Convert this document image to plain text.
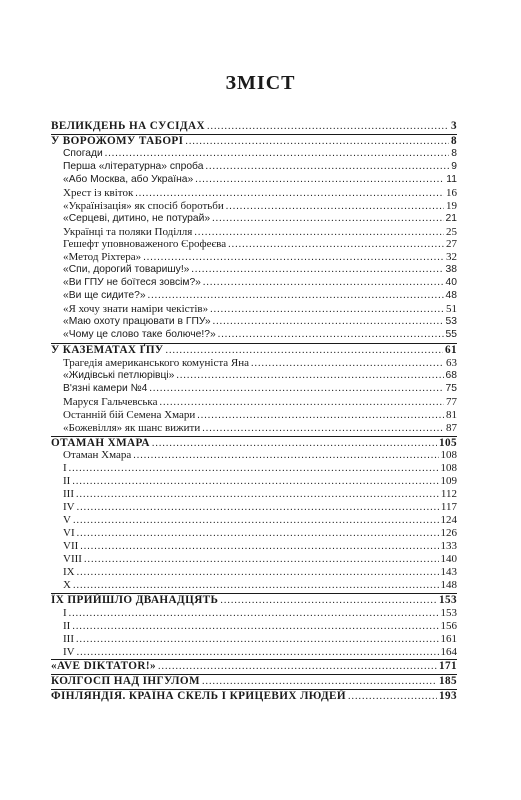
ЗМІСТ
ВЕЛИКДЕНЬ НА СУСІДАХ .....	3
У ВОРОЖОМУ ТАБОРІ .....	8
Спогади .....	8
Перша «літературна» спроба .....	9
«Або Москва, або Україна» .....	11
Хрест із квіток .....	16
«Українізація» як спосіб боротьби .....	19
«Серцеві, дитино, не потурай» .....	21
Українці та поляки Поділля .....	25
Гешефт уповноваженого Єрофеєва .....	27
«Метод Ріхтера» .....	32
«Спи, дорогий товаришу!» .....	38
«Ви ГПУ не боїтеся зовсім?» .....	40
«Ви ще сидите?» .....	48
«Я хочу знати наміри чекістів» .....	51
«Маю охоту працювати в ГПУ» .....	53
«Чому це слово таке болюче!?» .....	55
У КАЗЕМАТАХ ҐПУ .....	61
Трагедія американського комуніста Яна .....	63
«Жидівські петлюрівці» .....	68
В'язні камери №4 .....	75
Маруся Гальчевська .....	77
Останній бій Семена Хмари .....	81
«Божевілля» як шанс вижити .....	87
ОТАМАН ХМАРА .....	105
Отаман Хмара .....	108
I .....	108
II .....	109
III .....	112
IV .....	117
V .....	124
VI .....	126
VII .....	133
VIII .....	140
IX .....	143
X .....	148
ЇХ ПРИЙШЛО ДВАНАДЦЯТЬ .....	153
I .....	153
II .....	156
III .....	161
IV .....	164
«AVE DIKTATOR!» .....	171
КОЛГОСП НАД ІНГУЛОМ .....	185
ФІНЛЯНДІЯ. КРАЇНА СКЕЛЬ І КРИЦЕВИХ ЛЮДЕЙ .....	193
